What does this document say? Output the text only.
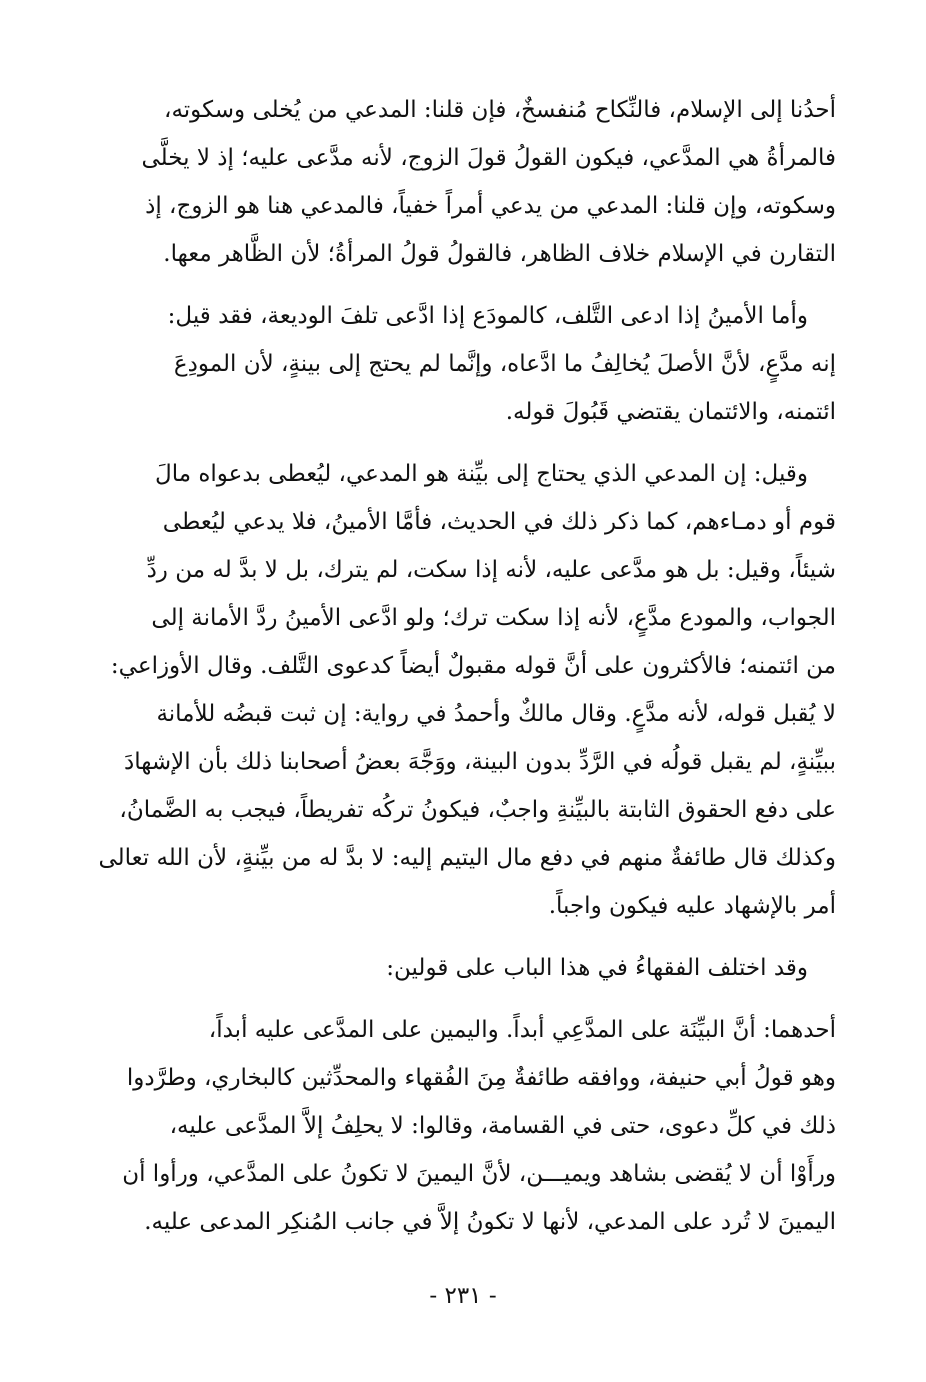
أحدُنا إلى الإسلام، فالنِّكاح مُنفسخٌ، فإن قلنا: المدعي من يُخلى وسكوته،
فالمرأةُ هي المدَّعي، فيكون القولُ قولَ الزوج، لأنه مدَّعى عليه؛ إذ لا يخلَّى
وسكوته، وإن قلنا: المدعي من يدعي أمراً خفياً، فالمدعي هنا هو الزوج، إذ
التقارن في الإسلام خلاف الظاهر، فالقولُ قولُ المرأةُ؛ لأن الظَّاهر معها.

وأما الأمينُ إذا ادعى التَّلف، كالمودَع إذا ادَّعى تلفَ الوديعة، فقد قيل:
إنه مدَّعٍ، لأنَّ الأصلَ يُخالِفُ ما ادَّعاه، وإنَّما لم يحتج إلى بينةٍ، لأن المودِعَ
ائتمنه، والائتمان يقتضي قَبُولَ قوله.

وقيل: إن المدعي الذي يحتاج إلى بيِّنة هو المدعي، ليُعطى بدعواه مالَ
قوم أو دمـاءهم، كما ذكر ذلك في الحديث، فأمَّا الأمينُ، فلا يدعي ليُعطى
شيئاً، وقيل: بل هو مدَّعى عليه، لأنه إذا سكت، لم يترك، بل لا بدَّ له من ردِّ
الجواب، والمودع مدَّعٍ، لأنه إذا سكت ترك؛ ولو ادَّعى الأمينُ ردَّ الأمانة إلى
من ائتمنه؛ فالأكثرون على أنَّ قوله مقبولٌ أيضاً كدعوى التَّلف. وقال الأوزاعي:
لا يُقبل قوله، لأنه مدَّعٍ. وقال مالكٌ وأحمدُ في رواية: إن ثبت قبضُه للأمانة
ببيِّنةٍ، لم يقبل قولُه في الرَّدِّ بدون البينة، ووَجَّهَ بعضُ أصحابنا ذلك بأن الإشهادَ
على دفع الحقوق الثابتة بالبيِّنةِ واجبٌ، فيكونُ تركُه تفريطاً، فيجب به الضَّمانُ،
وكذلك قال طائفةٌ منهم في دفع مال اليتيم إليه: لا بدَّ له من بيِّنةٍ، لأن الله تعالى
أمر بالإشهاد عليه فيكون واجباً.

وقد اختلف الفقهاءُ في هذا الباب على قولين:

أحدهما: أنَّ البيِّنَة على المدَّعِي أبداً. واليمين على المدَّعى عليه أبداً،
وهو قولُ أبي حنيفة، ووافقه طائفةٌ مِنَ الفُقهاء والمحدِّثين كالبخاري، وطرَّدوا
ذلك في كلِّ دعوى، حتى في القسامة، وقالوا: لا يحلِفُ إلاَّ المدَّعى عليه،
ورأَوْا أن لا يُقضى بشاهد ويميـــن، لأنَّ اليمينَ لا تكونُ على المدَّعي، ورأوا أن
اليمينَ لا تُرد على المدعي، لأنها لا تكونُ إلاَّ في جانب المُنكِر المدعى عليه.

- ٢٣١ -
